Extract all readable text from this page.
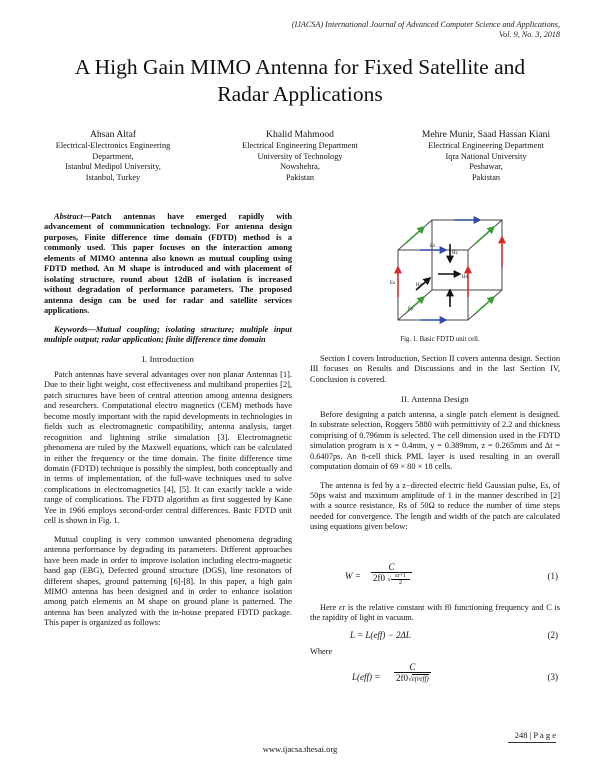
(IJACSA) International Journal of Advanced Computer Science and Applications,
Vol. 9, No. 3, 2018
A High Gain MIMO Antenna for Fixed Satellite and
Radar Applications
Ahsan Altaf
Electrical-Electronics Engineering
Department,
Istanbul Medipol University,
Istanbul, Turkey
Khalid Mahmood
Electrical Engineering Department
University of Technology
Nowshehra,
Pakistan
Mehre Munir, Saad Hassan Kiani
Electrical Engineering Department
Iqra National University
Peshawar,
Pakistan

Abstract—Patch antennas have emerged rapidly with advancement of communication technology. For antenna design purposes, Finite difference time domain (FDTD) method is a commonly used. This paper focuses on the interaction among elements of MIMO antenna also known as mutual coupling using FDTD method. An M shape is introduced and with placement of isolating structure, round about 12dB of isolation is increased without degradation of performance parameters. The proposed antenna design can be used for radar and satellite services applications.

Keywords—Mutual coupling; isolating structure; multiple input multiple output; radar application; finite difference time domain

I. Introduction

Patch antennas have several advantages over non planar Antennas [1]. Due to their light weight, cost effectiveness and multiband properties [2], patch structures have been of central attention among antenna designers and researchers. Computational electro magnetics (CEM) methods have become mostly important with the rapid developments in technologies in fields such as electromagnetic compatibility, antenna analysis, target recognition and lightning strike simulation [3]. Electromagnetic phenomena are ruled by the Maxwell equations, which can be calculated in either the frequency or the time domain. The finite difference time domain (FDTD) technique is possibly the simplest, both conceptually and in terms of implementation, of the full-wave techniques used to solve complications in electromagnetics [4], [5]. It can exactly tackle a wide range of complications. The FDTD algorithm as first suggested by Kane Yee in 1966 employs second-order central differences. Basic FDTD unit cell is shown in Fig. 1.

Mutual coupling is very common unwanted phenomena degrading antenna performance by degrading its parameters. Different approaches have been made in order to improve isolation including electro-magnetic band gap (EBG), Defected ground structure (DGS), line resonators of different shapes, ground patterning [6]-[8]. In this paper, a high gain MIMO antenna has been designed and in order to enhance isolation among patch elements an M shape on ground plane is patterned. The antenna has been analyzed with the in-house prepared FDTD package. This paper is organized as follows:

Ez
Ex
Ey
Hx
Hz
Hy
Fig. 1. Basic FDTD unit cell.

Section I covers Introduction, Section II covers antenna design. Section III focuses on Results and Discussions and in the last Section IV, Conclusion is covered.

II. Antenna Design

Before designing a patch antenna, a single patch element is designed. In substrate selection, Roggers 5880 with permittivity of 2.2 and thickness comprising of 0.796mm is selected. The cell dimension used in the FDTD simulation program is x = 0.4mm, y = 0.389mm, z = 0.265mm and Δt = 0.6407ps. An 8-cell thick PML layer is used resulting in an overall computation domain of 69 × 80 × 18 cells.

The antenna is fed by a z−directed electric field Gaussian pulse, Es, of 50ps waist and maximum amplitude of 1 in the manner described in [2] with a source resistance, Rs of 50Ω to reduce the number of time steps needed for convergence. The length and width of the patch are calculated using equations given below:

$W = \frac{C}{2f0 √ \frac{\varepsilon r+1}{2}}$	(1)

Here εr is the relative constant with f0 functioning frequency and C is the rapidity of light in vacuum.

L = L(eff) − 2ΔL	(2)
Where
L(eff) =
C
2f0√ε(reff)	(3)
248 | P a g e
www.ijacsa.thesai.org
